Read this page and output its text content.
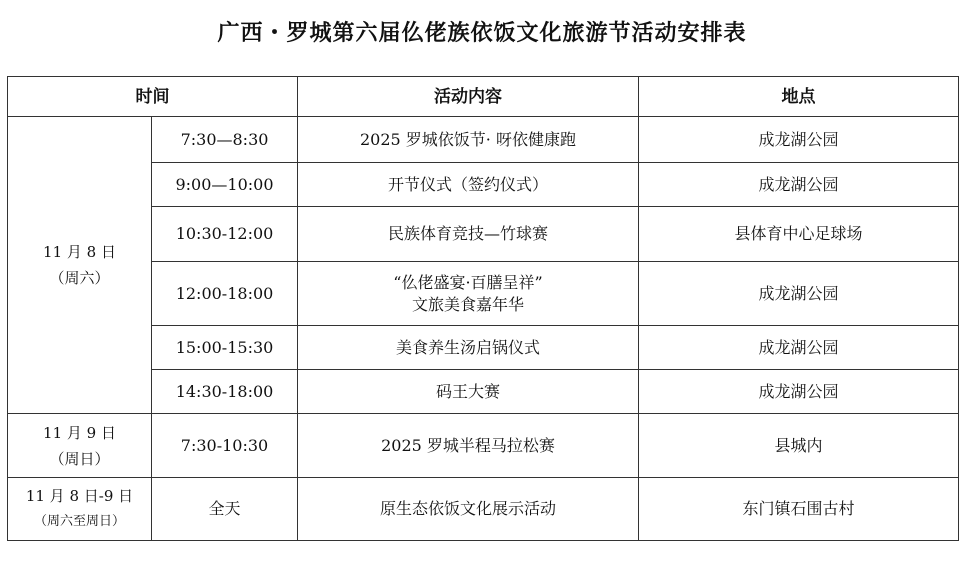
广西・罗城第六届仫佬族依饭文化旅游节活动安排表
时间		活动内容	地点

11 月 8 日
（周六）	7:30—8:30	2025 罗城依饭节· 呀依健康跑	成龙湖公园
	9:00—10:00	开节仪式（签约仪式）	成龙湖公园
	10:30-12:00	民族体育竞技—竹球赛	县体育中心足球场
	12:00-18:00	“仫佬盛宴·百膳呈祥”
文旅美食嘉年华	成龙湖公园
	15:00-15:30	美食养生汤启锅仪式	成龙湖公园
	14:30-18:00	码王大赛	成龙湖公园

11 月 9 日
（周日）	7:30-10:30	2025 罗城半程马拉松赛	县城内

11 月 8 日-9 日
（周六至周日）	全天	原生态依饭文化展示活动	东门镇石围古村
